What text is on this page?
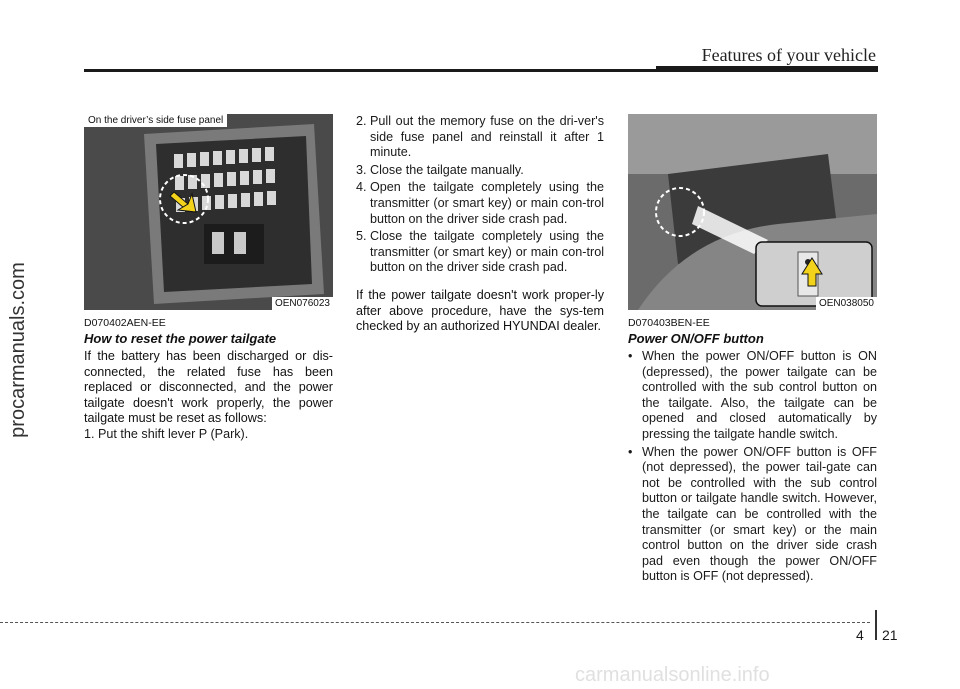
procarmanuals.com
Features of your vehicle
On the driver’s side fuse panel
OEN076023
D070402AEN-EE
How to reset the power tailgate
If the battery has been discharged or dis-connected, the related fuse has been replaced or disconnected, and the power tailgate doesn't work properly, the power tailgate must be reset as follows:
1. Put the shift lever P (Park).
2. Pull out the memory fuse on the dri-ver's side fuse panel and reinstall it after 1 minute.
3. Close the tailgate manually.
4. Open the tailgate completely using the transmitter (or smart key) or main con-trol button on the driver side crash pad.
5. Close the tailgate completely using the transmitter (or smart key) or main con-trol button on the driver side crash pad.
If the power tailgate doesn't work proper-ly after above procedure, have the sys-tem checked by an authorized HYUNDAI dealer.
OEN038050
D070403BEN-EE
Power ON/OFF button
• When the power ON/OFF button is ON (depressed), the power tailgate can be controlled with the sub control button on the tailgate. Also, the tailgate can be opened and closed automatically by pressing the tailgate handle switch.
• When the power ON/OFF button is OFF (not depressed), the power tail-gate can not be controlled with the sub control button or tailgate handle switch. However, the tailgate can be controlled with the transmitter (or smart key) or the main control button on the driver side crash pad even though the power ON/OFF button is OFF (not depressed).
4 21
carmanualsonline.info
